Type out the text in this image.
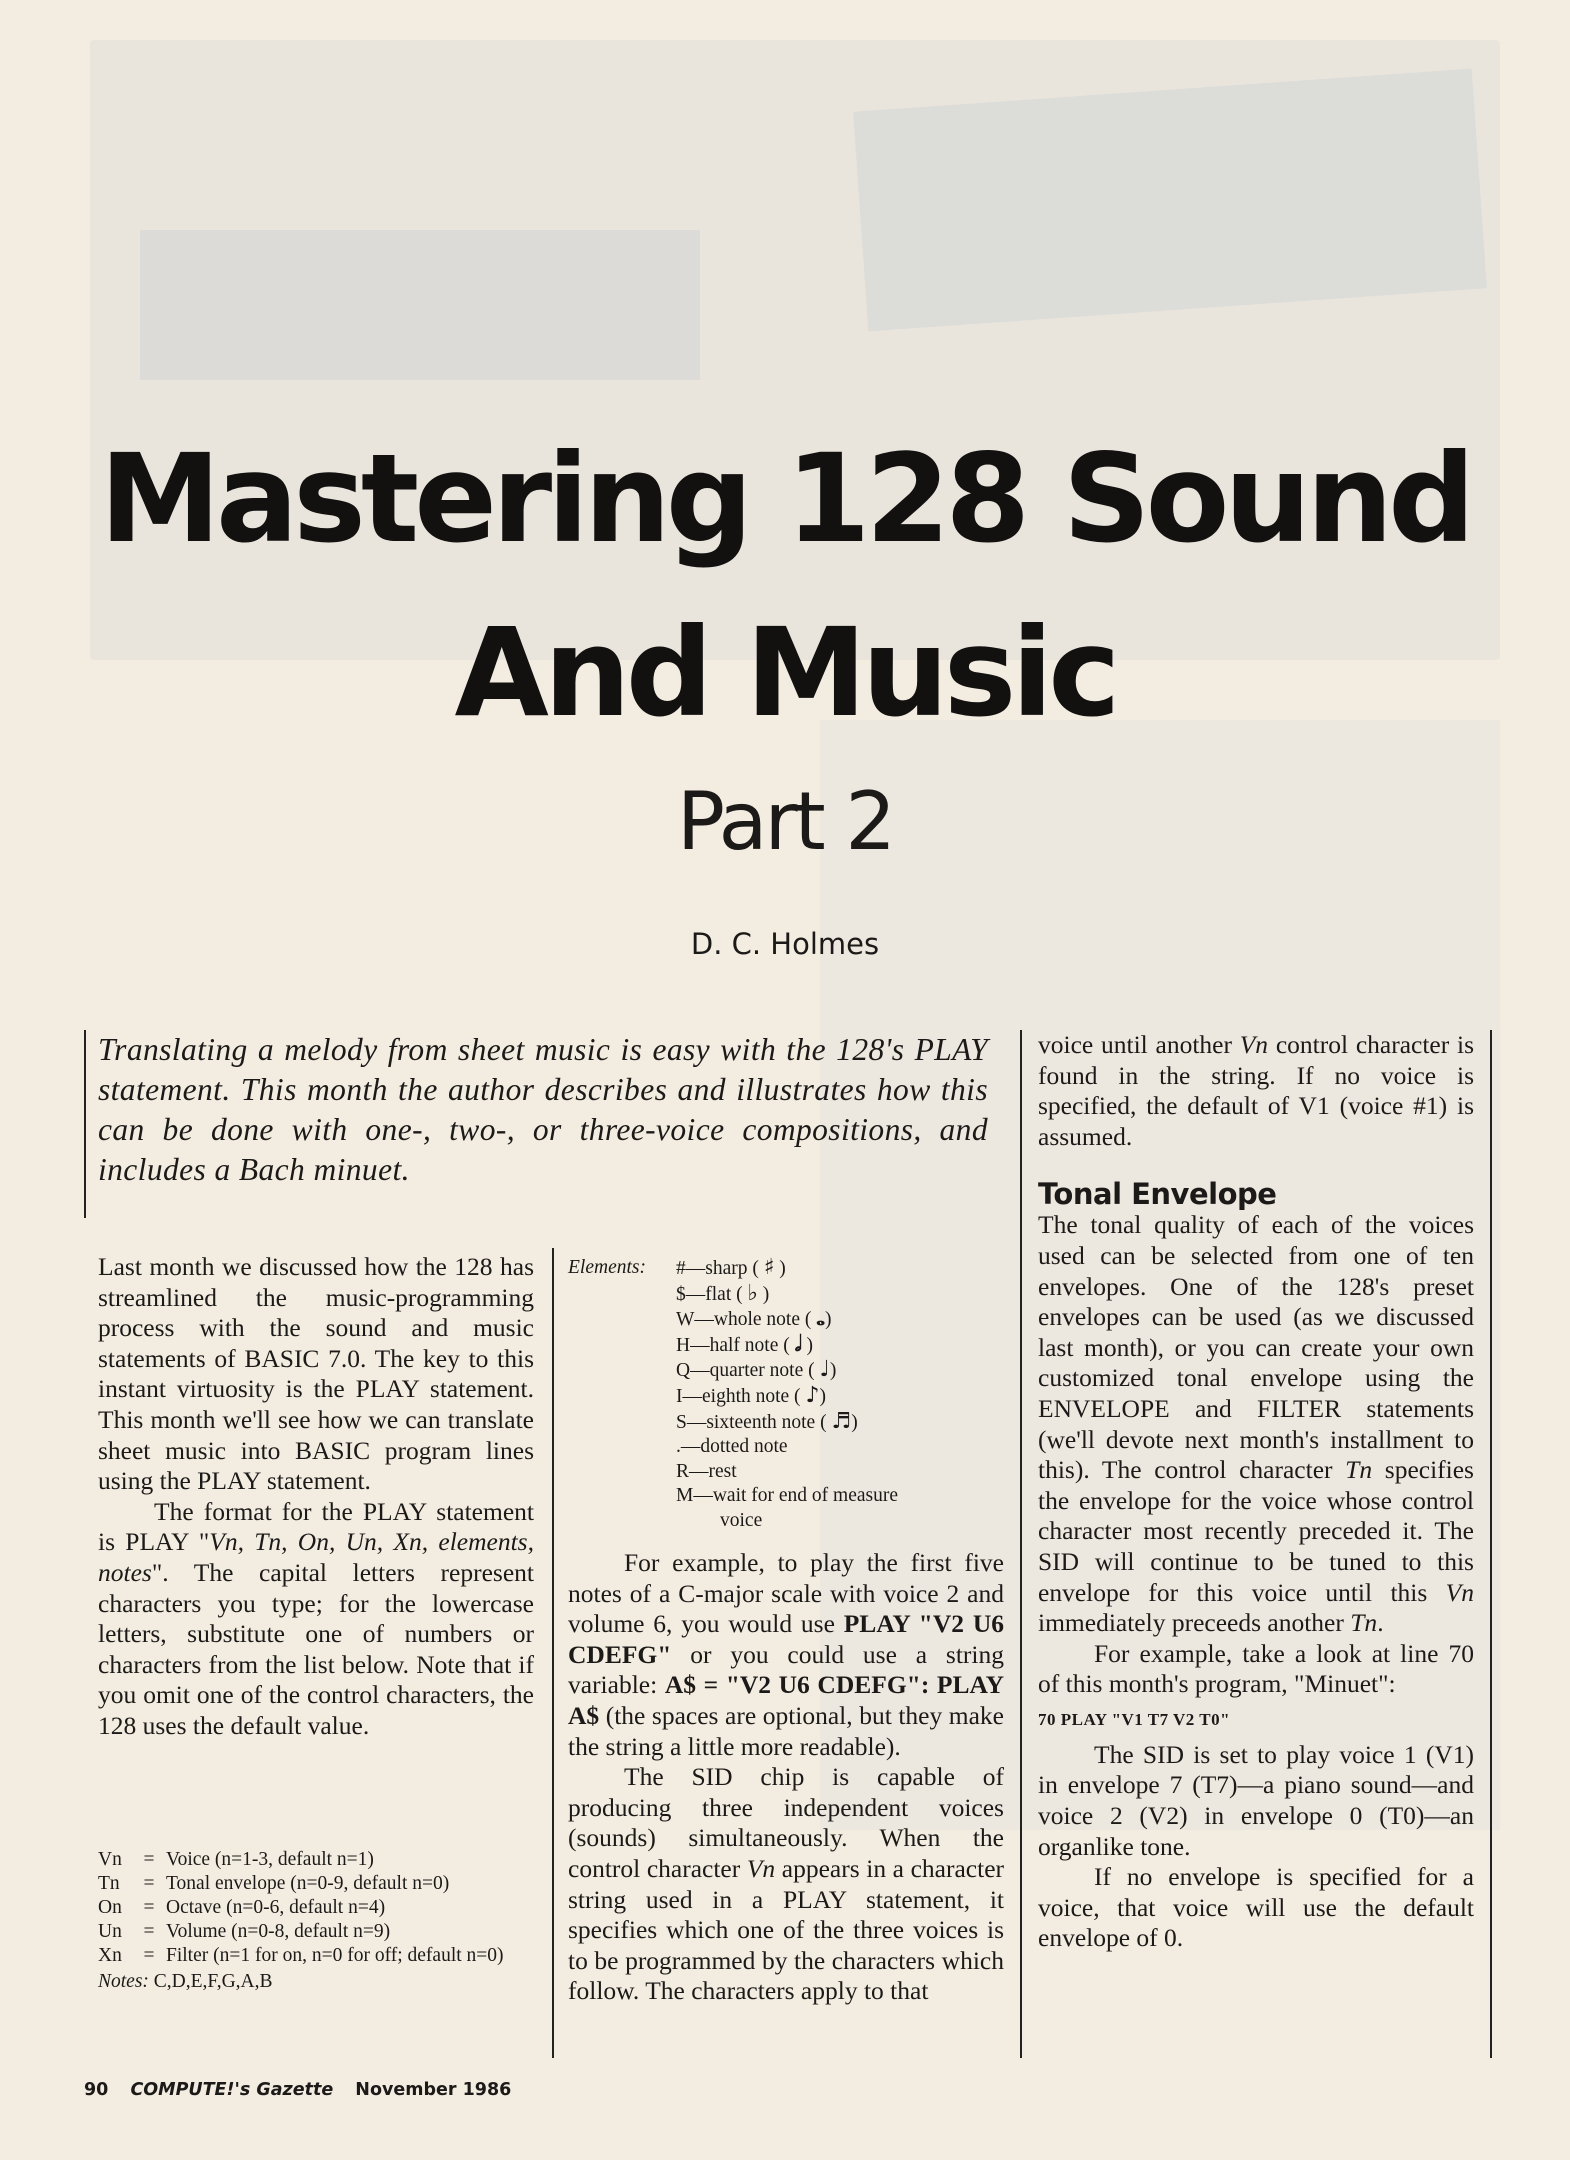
Mastering 128 Sound
And Music
Part 2
D. C. Holmes
Translating a melody from sheet music is easy with the 128's PLAY statement. This month the author describes and illustrates how this can be done with one-, two-, or three-voice compositions, and includes a Bach minuet.

Last month we discussed how the 128 has streamlined the music-programming process with the sound and music statements of BASIC 7.0. The key to this instant virtuosity is the PLAY statement. This month we'll see how we can translate sheet music into BASIC program lines using the PLAY statement.

The format for the PLAY statement is PLAY "Vn, Tn, On, Un, Xn, elements, notes". The capital letters represent characters you type; for the lowercase letters, substitute one of numbers or characters from the list below. Note that if you omit one of the control characters, the 128 uses the default value.

Vn	= Voice (n=1-3, default n=1)
Tn	= Tonal envelope (n=0-9, default n=0)
On	= Octave (n=0-6, default n=4)
Un	= Volume (n=0-8, default n=9)
Xn	= Filter (n=1 for on, n=0 for off; default n=0)
Notes: C,D,E,F,G,A,B
Elements:	#—sharp ( ♯ )
$—flat ( ♭ )
W—whole note ( 𝅝)
H—half note ( 𝅗𝅥 )
Q—quarter note ( ♩)
I—eighth note ( ♪)
S—sixteenth note ( ♬)
.—dotted note
R—rest
M—wait for end of measure
voice

For example, to play the first five notes of a C-major scale with voice 2 and volume 6, you would use PLAY "V2 U6 CDEFG" or you could use a string variable: A$ = "V2 U6 CDEFG": PLAY A$ (the spaces are optional, but they make the string a little more readable).

The SID chip is capable of producing three independent voices (sounds) simultaneously. When the control character Vn appears in a character string used in a PLAY statement, it specifies which one of the three voices is to be programmed by the characters which follow. The characters apply to that

voice until another Vn control character is found in the string. If no voice is specified, the default of V1 (voice #1) is assumed.

Tonal Envelope

The tonal quality of each of the voices used can be selected from one of ten envelopes. One of the 128's preset envelopes can be used (as we discussed last month), or you can create your own customized tonal envelope using the ENVELOPE and FILTER statements (we'll devote next month's installment to this). The control character Tn specifies the envelope for the voice whose control character most recently preceded it. The SID will continue to be tuned to this envelope for this voice until this Vn immediately preceeds another Tn.

For example, take a look at line 70 of this month's program, "Minuet":

70 PLAY "V1 T7 V2 T0"

The SID is set to play voice 1 (V1) in envelope 7 (T7)—a piano sound—and voice 2 (V2) in envelope 0 (T0)—an organlike tone.

If no envelope is specified for a voice, that voice will use the default envelope of 0.

90 COMPUTE!'s Gazette November 1986
